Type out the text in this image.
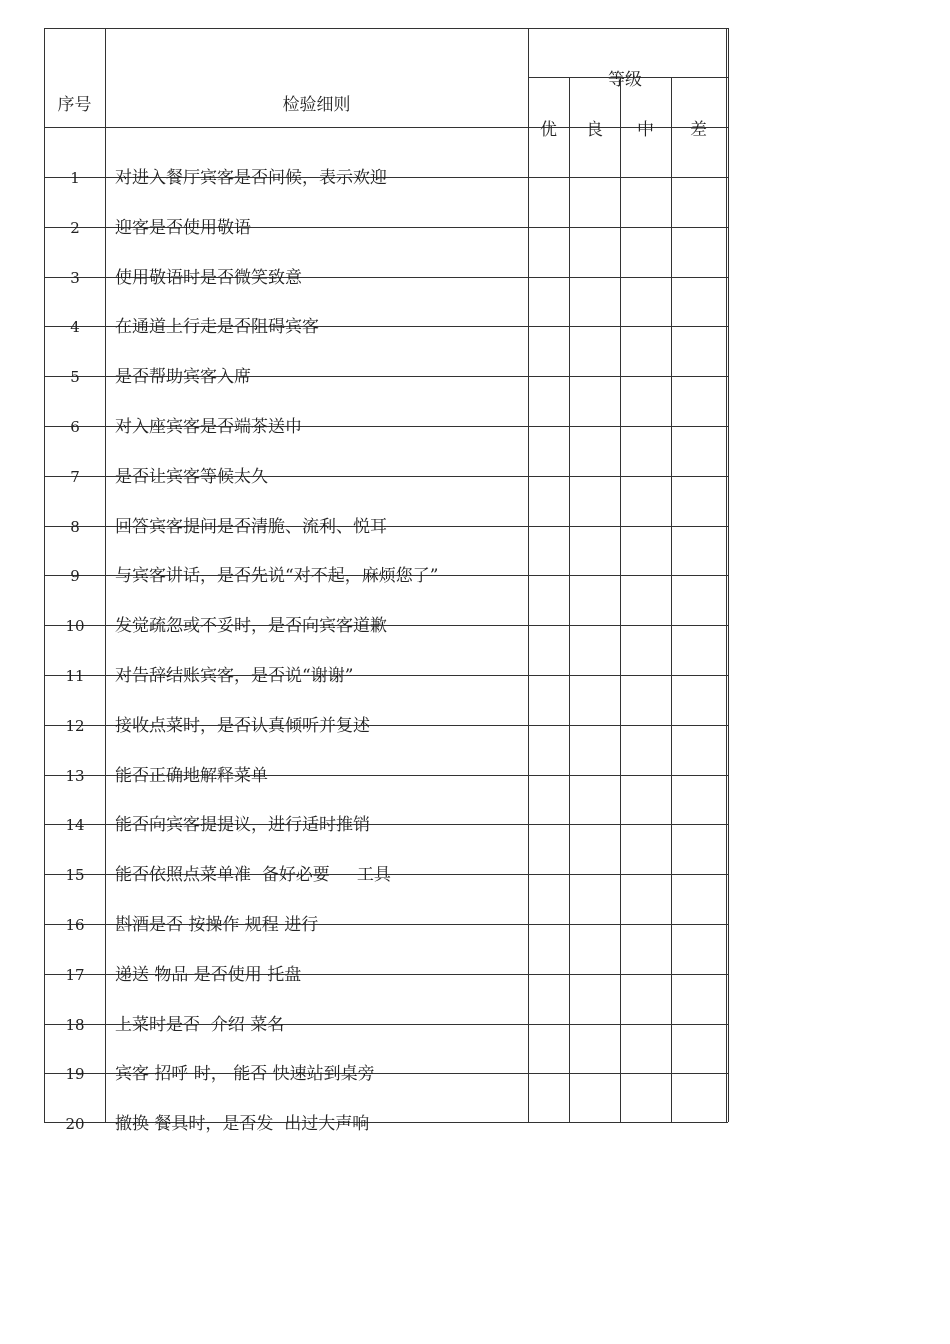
序号	检验细则
等级
优	良	中	差
1	对进入餐厅宾客是否问候，表示欢迎
2	迎客是否使用敬语
3	使用敬语时是否微笑致意
4	在通道上行走是否阻碍宾客
5	是否帮助宾客入席
6	对入座宾客是否端茶送巾
7	是否让宾客等候太久
8	回答宾客提问是否清脆、流利、悦耳
9	与宾客讲话，是否先说“对不起，麻烦您了”
10	发觉疏忽或不妥时，是否向宾客道歉
11	对告辞结账宾客，是否说“谢谢”
12	接收点菜时，是否认真倾听并复述
13	能否正确地解释菜单
14	能否向宾客提提议，进行适时推销
15	能否依照点菜单准  备好必要     工具
16	斟酒是否 按操作 规程 进行
17	递送 物品 是否使用 托盘
18	上菜时是否  介绍 菜名
19	宾客 招呼 时， 能否 快速站到桌旁
20	撤换 餐具时，是否发  出过大声响
